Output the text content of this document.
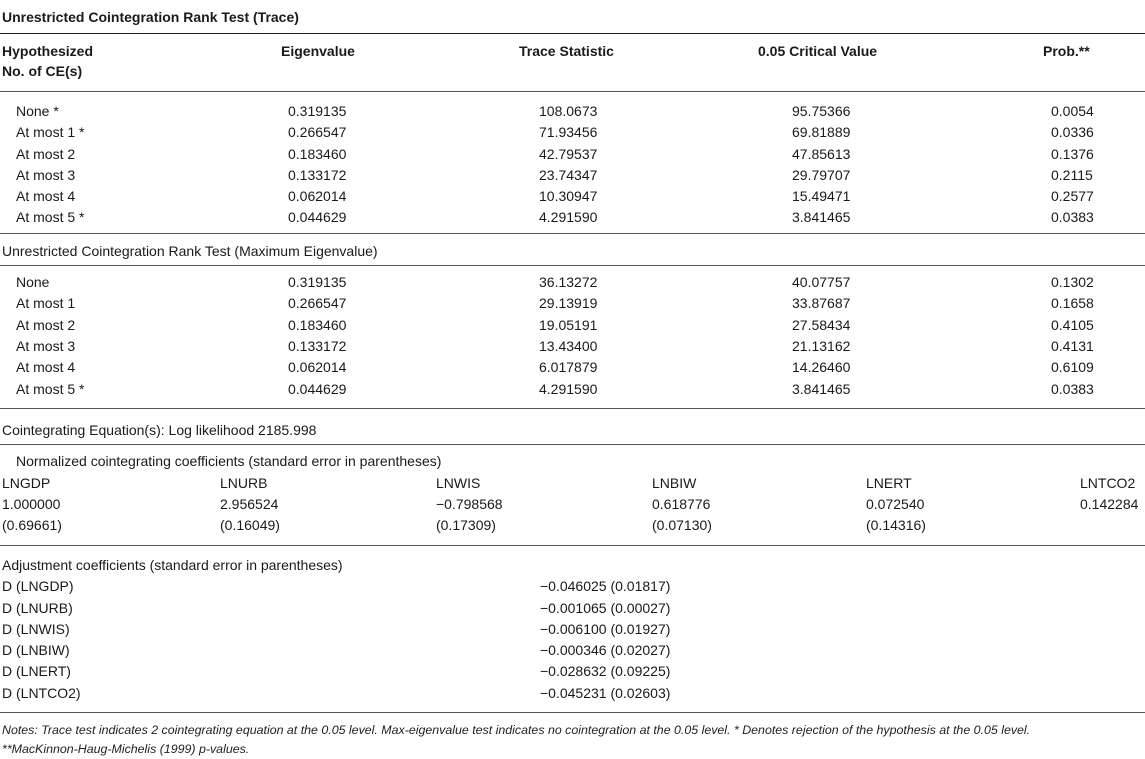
Unrestricted Cointegration Rank Test (Trace)
Hypothesized
No. of CE(s)
Eigenvalue	Trace Statistic	0.05 Critical Value	Prob.**
None *	0.319135	108.0673	95.75366	0.0054
At most 1 *	0.266547	71.93456	69.81889	0.0336
At most 2	0.183460	42.79537	47.85613	0.1376
At most 3	0.133172	23.74347	29.79707	0.2115
At most 4	0.062014	10.30947	15.49471	0.2577
At most 5 *	0.044629	4.291590	3.841465	0.0383
Unrestricted Cointegration Rank Test (Maximum Eigenvalue)
None	0.319135	36.13272	40.07757	0.1302
At most 1	0.266547	29.13919	33.87687	0.1658
At most 2	0.183460	19.05191	27.58434	0.4105
At most 3	0.133172	13.43400	21.13162	0.4131
At most 4	0.062014	6.017879	14.26460	0.6109
At most 5 *	0.044629	4.291590	3.841465	0.0383
Cointegrating Equation(s): Log likelihood 2185.998
Normalized cointegrating coefficients (standard error in parentheses)
LNGDP	LNURB	LNWIS	LNBIW	LNERT	LNTCO2
1.000000	2.956524	−0.798568	0.618776	0.072540	0.142284
(0.69661)	(0.16049)	(0.17309)	(0.07130)	(0.14316)
Adjustment coefficients (standard error in parentheses)
D (LNGDP)	−0.046025 (0.01817)
D (LNURB)	−0.001065 (0.00027)
D (LNWIS)	−0.006100 (0.01927)
D (LNBIW)	−0.000346 (0.02027)
D (LNERT)	−0.028632 (0.09225)
D (LNTCO2)	−0.045231 (0.02603)
Notes: Trace test indicates 2 cointegrating equation at the 0.05 level. Max-eigenvalue test indicates no cointegration at the 0.05 level. * Denotes rejection of the hypothesis at the 0.05 level.
**MacKinnon-Haug-Michelis (1999) p-values.
